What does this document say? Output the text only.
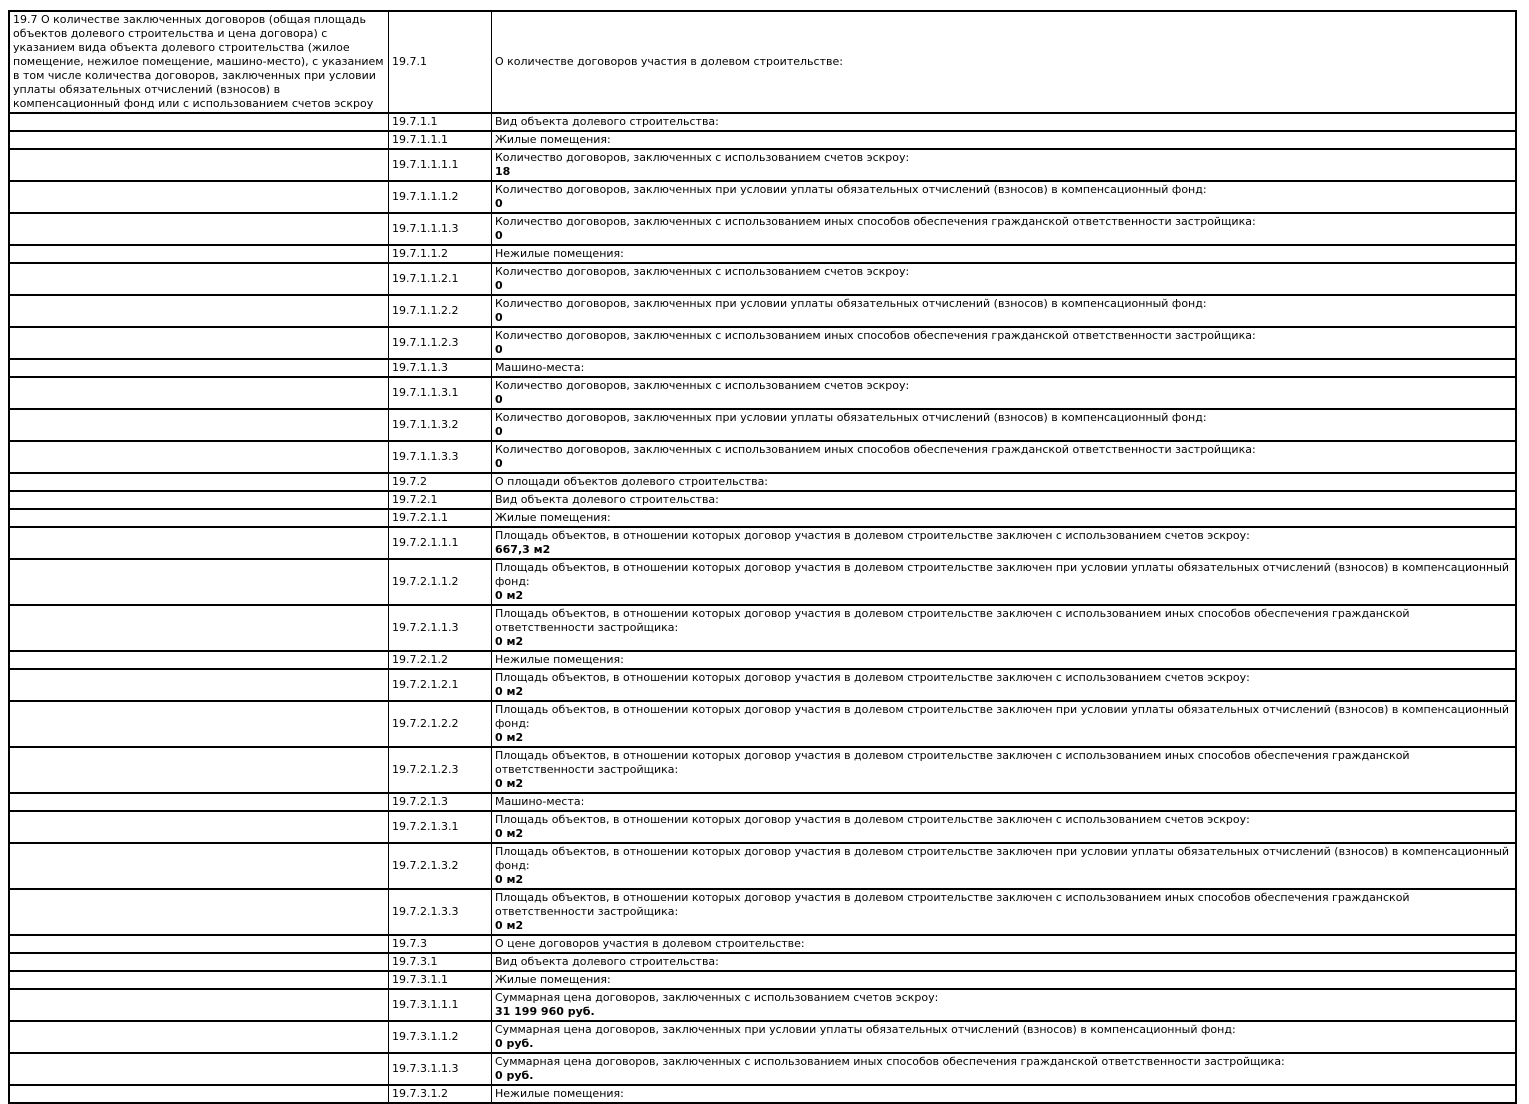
19.7 О количестве заключенных договоров (общая площадь объектов долевого строительства и цена договора) с указанием вида объекта долевого строительства (жилое помещение, нежилое помещение, машино-место), с указанием в том числе количества договоров, заключенных при условии уплаты обязательных отчислений (взносов) в компенсационный фонд или с использованием счетов эскроу	19.7.1	О количестве договоров участия в долевом строительстве:

	19.7.1.1	Вид объекта долевого строительства:

	19.7.1.1.1	Жилые помещения:

	19.7.1.1.1.1	Количество договоров, заключенных с использованием счетов эскроу:
18

	19.7.1.1.1.2	Количество договоров, заключенных при условии уплаты обязательных отчислений (взносов) в компенсационный фонд:
0

	19.7.1.1.1.3	Количество договоров, заключенных с использованием иных способов обеспечения гражданской ответственности застройщика:
0

	19.7.1.1.2	Нежилые помещения:

	19.7.1.1.2.1	Количество договоров, заключенных с использованием счетов эскроу:
0

	19.7.1.1.2.2	Количество договоров, заключенных при условии уплаты обязательных отчислений (взносов) в компенсационный фонд:
0

	19.7.1.1.2.3	Количество договоров, заключенных с использованием иных способов обеспечения гражданской ответственности застройщика:
0

	19.7.1.1.3	Машино-места:

	19.7.1.1.3.1	Количество договоров, заключенных с использованием счетов эскроу:
0

	19.7.1.1.3.2	Количество договоров, заключенных при условии уплаты обязательных отчислений (взносов) в компенсационный фонд:
0

	19.7.1.1.3.3	Количество договоров, заключенных с использованием иных способов обеспечения гражданской ответственности застройщика:
0

	19.7.2	О площади объектов долевого строительства:

	19.7.2.1	Вид объекта долевого строительства:

	19.7.2.1.1	Жилые помещения:

	19.7.2.1.1.1	Площадь объектов, в отношении которых договор участия в долевом строительстве заключен с использованием счетов эскроу:
667,3 м2

	19.7.2.1.1.2	Площадь объектов, в отношении которых договор участия в долевом строительстве заключен при условии уплаты обязательных отчислений (взносов) в компенсационный фонд:
0 м2

	19.7.2.1.1.3	Площадь объектов, в отношении которых договор участия в долевом строительстве заключен с использованием иных способов обеспечения гражданской ответственности застройщика:
0 м2

	19.7.2.1.2	Нежилые помещения:

	19.7.2.1.2.1	Площадь объектов, в отношении которых договор участия в долевом строительстве заключен с использованием счетов эскроу:
0 м2

	19.7.2.1.2.2	Площадь объектов, в отношении которых договор участия в долевом строительстве заключен при условии уплаты обязательных отчислений (взносов) в компенсационный фонд:
0 м2

	19.7.2.1.2.3	Площадь объектов, в отношении которых договор участия в долевом строительстве заключен с использованием иных способов обеспечения гражданской ответственности застройщика:
0 м2

	19.7.2.1.3	Машино-места:

	19.7.2.1.3.1	Площадь объектов, в отношении которых договор участия в долевом строительстве заключен с использованием счетов эскроу:
0 м2

	19.7.2.1.3.2	Площадь объектов, в отношении которых договор участия в долевом строительстве заключен при условии уплаты обязательных отчислений (взносов) в компенсационный фонд:
0 м2

	19.7.2.1.3.3	Площадь объектов, в отношении которых договор участия в долевом строительстве заключен с использованием иных способов обеспечения гражданской ответственности застройщика:
0 м2

	19.7.3	О цене договоров участия в долевом строительстве:

	19.7.3.1	Вид объекта долевого строительства:

	19.7.3.1.1	Жилые помещения:

	19.7.3.1.1.1	Суммарная цена договоров, заключенных с использованием счетов эскроу:
31 199 960 руб.

	19.7.3.1.1.2	Суммарная цена договоров, заключенных при условии уплаты обязательных отчислений (взносов) в компенсационный фонд:
0 руб.

	19.7.3.1.1.3	Суммарная цена договоров, заключенных с использованием иных способов обеспечения гражданской ответственности застройщика:
0 руб.

	19.7.3.1.2	Нежилые помещения:
